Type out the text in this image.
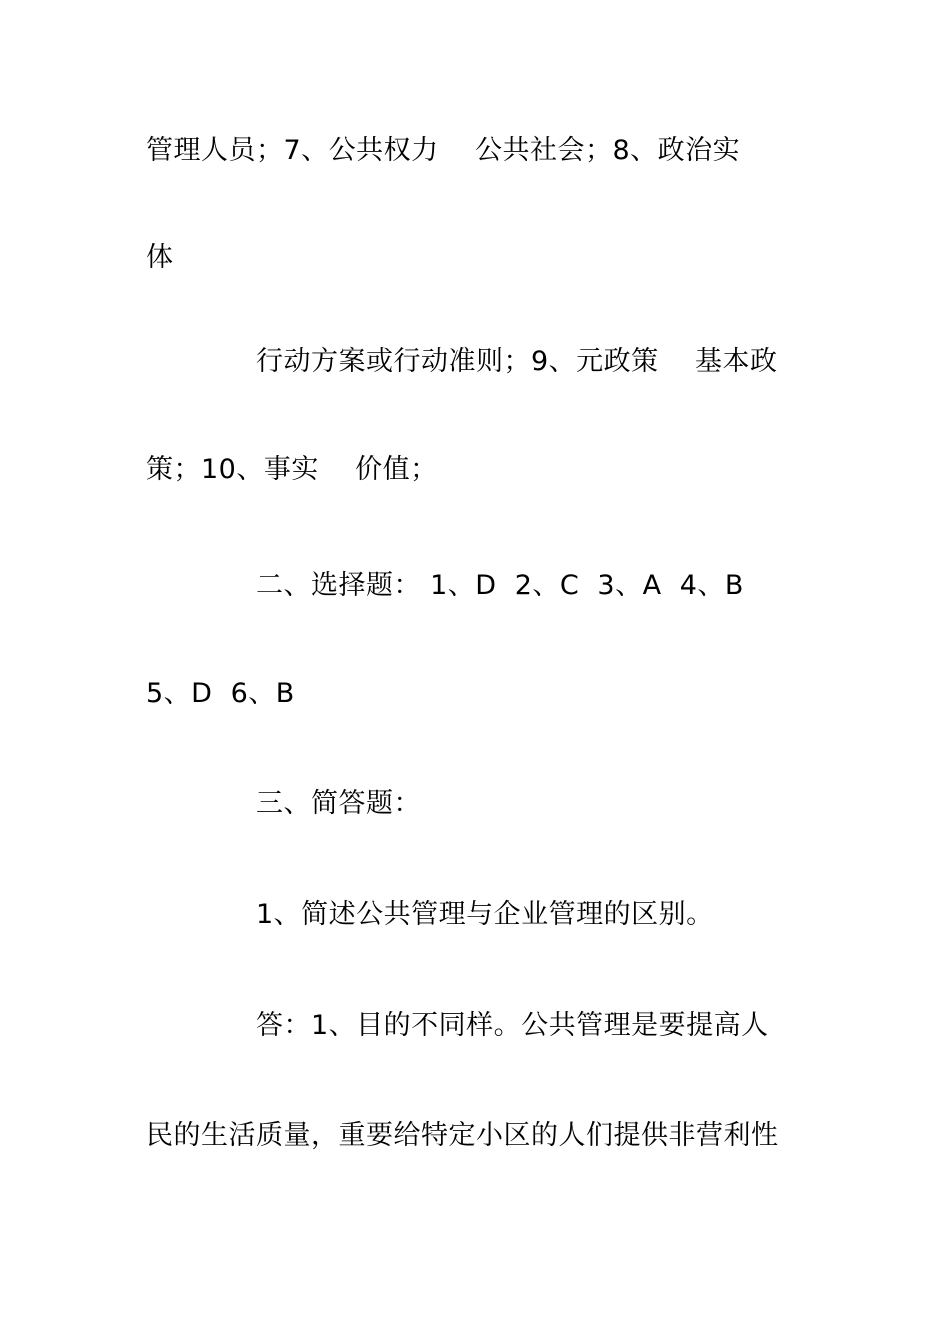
管理人员；7、公共权力    公共社会；8、政治实
体
行动方案或行动准则；9、元政策    基本政
策；10、事实    价值；
二、选择题： 1、D  2、C  3、A  4、B
5、D  6、B
三、简答题：
1、简述公共管理与企业管理的区别。
答：1、目的不同样。公共管理是要提高人
民的生活质量，重要给特定小区的人们提供非营利性
